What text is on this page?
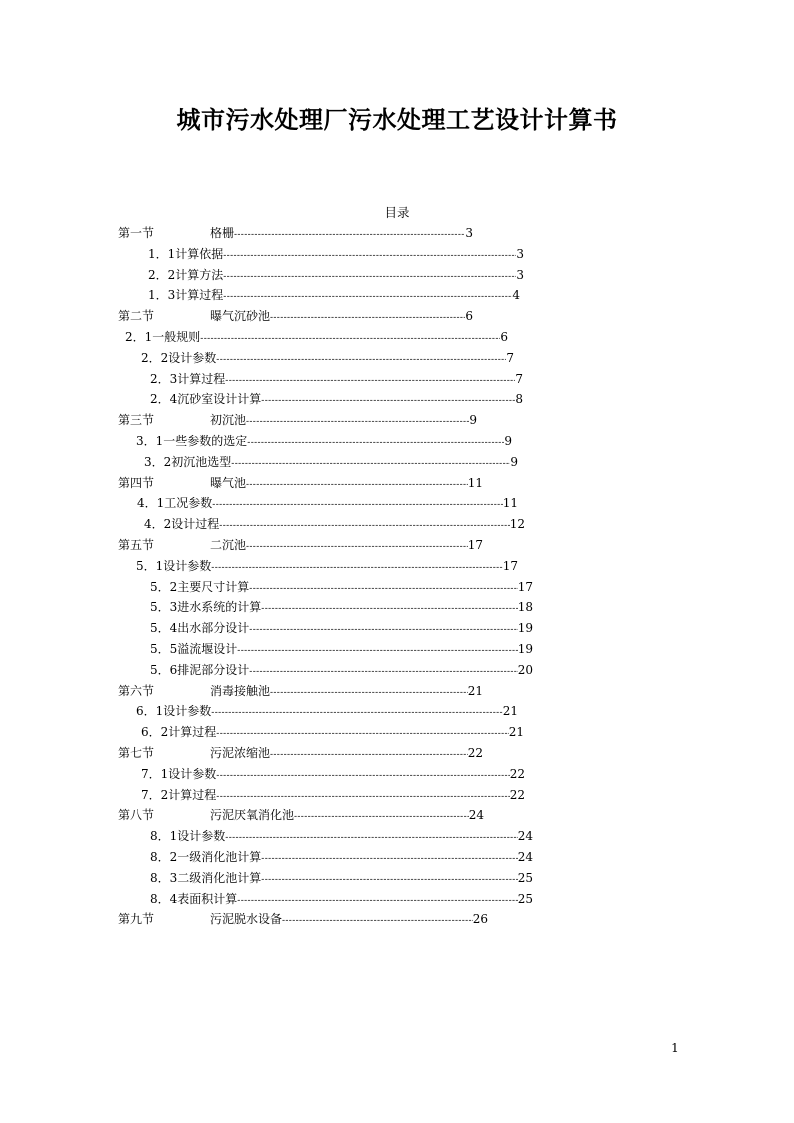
城市污水处理厂污水处理工艺设计计算书
目录
第一节	格栅 -----	3
1． 1计算依据 -----	3
2． 2计算方法 -----	3
1．3 计算过程 -----	4
第二节	曝气沉砂池 -----	6
2．1 一般规则 -----	6
2．2 设计参数 -----	7
2．3 计算过程 -----	7
2．4 沉砂室设计计算 -----	8
第三节	初沉池 -----	9
3．1 一些参数的选定 -----	9
3．2 初沉池选型 -----	9
第四节	曝气池 -----	11
4．1 工况参数 -----	11
4．2 设计过程 -----	12
第五节	二沉池 -----	17
5．1 设计参数 -----	17
5．2 主要尺寸计算 -----	17
5．3 进水系统的计算 -----	18
5．4 出水部分设计 -----	19
5．5 溢流堰设计 -----	19
5．6 排泥部分设计 -----	20
第六节	消毒接触池 -----	21
6．1 设计参数 -----	21
6．2 计算过程 -----	21
第七节	污泥浓缩池 -----	22
7．1 设计参数 -----	22
7．2 计算过程 -----	22
第八节	污泥厌氧消化池 -----	24
8．1 设计参数 -----	24
8．2 一级消化池计算 -----	24
8．3 二级消化池计算 -----	25
8．4 表面积计算 -----	25
第九节	污泥脱水设备 -----	26
1
